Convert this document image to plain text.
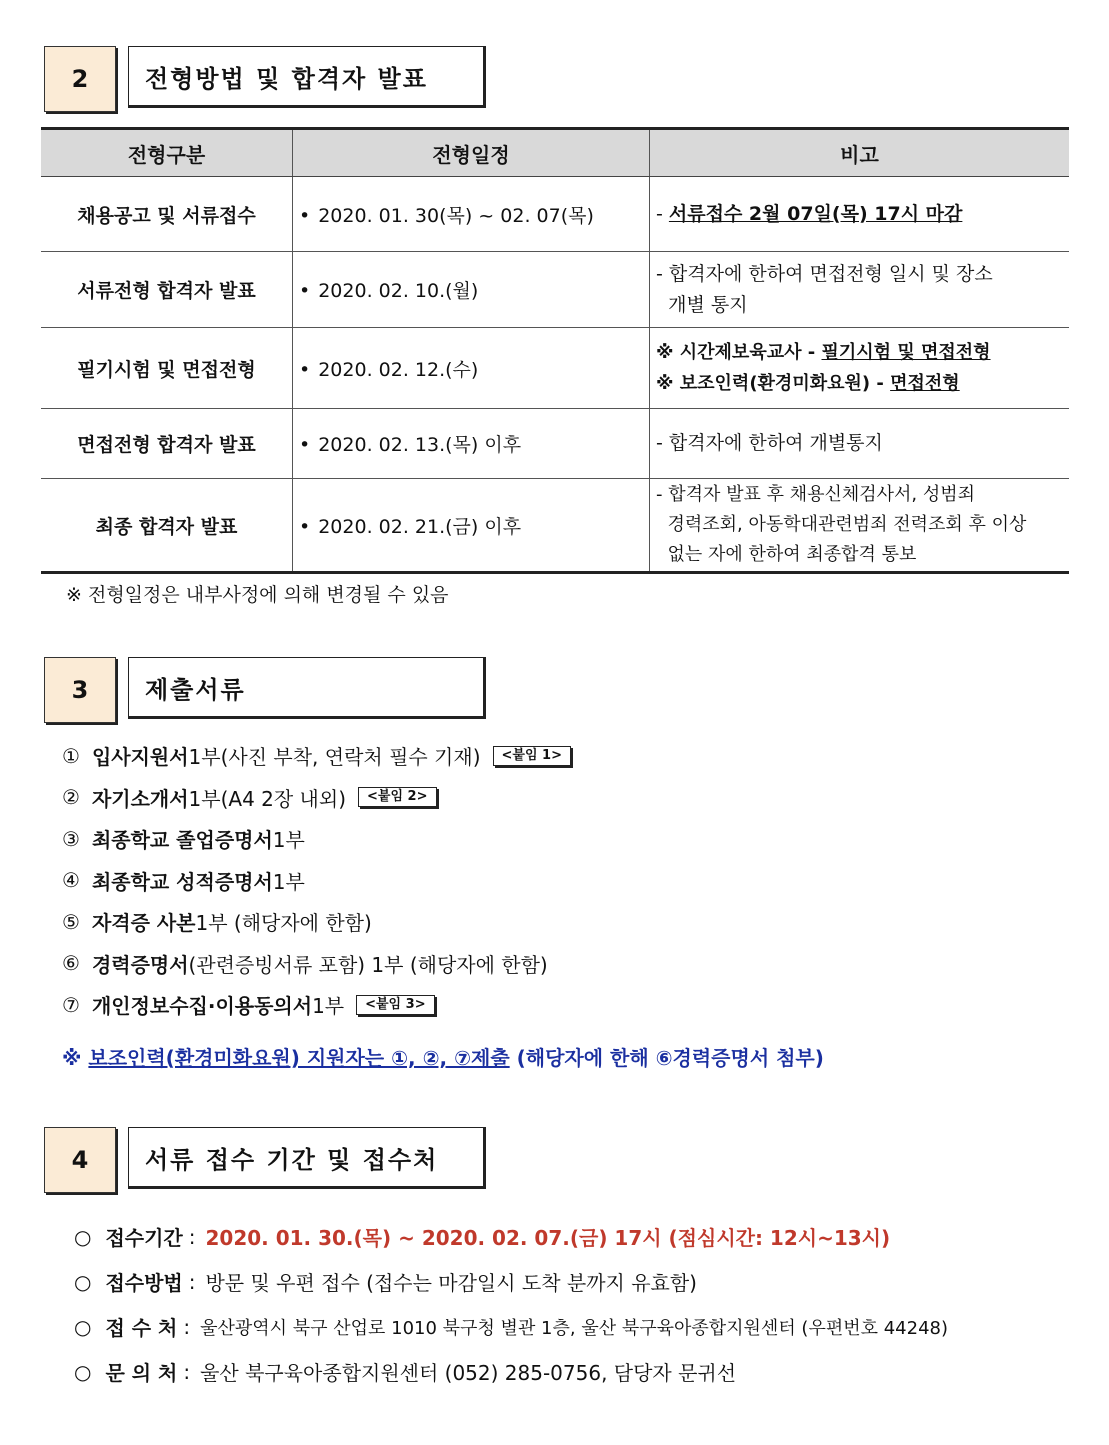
2	전형방법 및 합격자 발표
전형구분	전형일정	비고
채용공고 및 서류접수	• 2020. 01. 30(목) ~ 02. 07(목)	- 서류접수 2월 07일(목) 17시 마감
서류전형 합격자 발표	• 2020. 02. 10.(월)	- 합격자에 한하여 면접전형 일시 및 장소
개별 통지
필기시험 및 면접전형	• 2020. 02. 12.(수)	※ 시간제보육교사 - 필기시험 및 면접전형
※ 보조인력(환경미화요원) - 면접전형
면접전형 합격자 발표	• 2020. 02. 13.(목) 이후	- 합격자에 한하여 개별통지
최종 합격자 발표	• 2020. 02. 21.(금) 이후	- 합격자 발표 후 채용신체검사서, 성범죄
경력조회, 아동학대관련범죄 전력조회 후 이상
없는 자에 한하여 최종합격 통보
※ 전형일정은 내부사정에 의해 변경될 수 있음
3	제출서류
① 입사지원서 1부(사진 부착, 연락처 필수 기재)	<붙임 1>
② 자기소개서 1부(A4 2장 내외)	<붙임 2>
③ 최종학교 졸업증명서 1부
④ 최종학교 성적증명서 1부
⑤ 자격증 사본 1부 (해당자에 한함)
⑥ 경력증명서 (관련증빙서류 포함) 1부 (해당자에 한함)
⑦ 개인정보수집·이용동의서 1부	<붙임 3>
※ 보조인력(환경미화요원) 지원자는 ①, ②, ⑦제출 (해당자에 한해 ⑥경력증명서 첨부)
4	서류 접수 기간 및 접수처
○ 접수기간 : 2020. 01. 30.(목) ~ 2020. 02. 07.(금) 17시 (점심시간: 12시~13시)
○ 접수방법 : 방문 및 우편 접수 (접수는 마감일시 도착 분까지 유효함)
○ 접 수 처 : 울산광역시 북구 산업로 1010 북구청 별관 1층, 울산 북구육아종합지원센터 (우편번호 44248)
○ 문 의 처 : 울산 북구육아종합지원센터 (052) 285-0756, 담당자 문귀선
